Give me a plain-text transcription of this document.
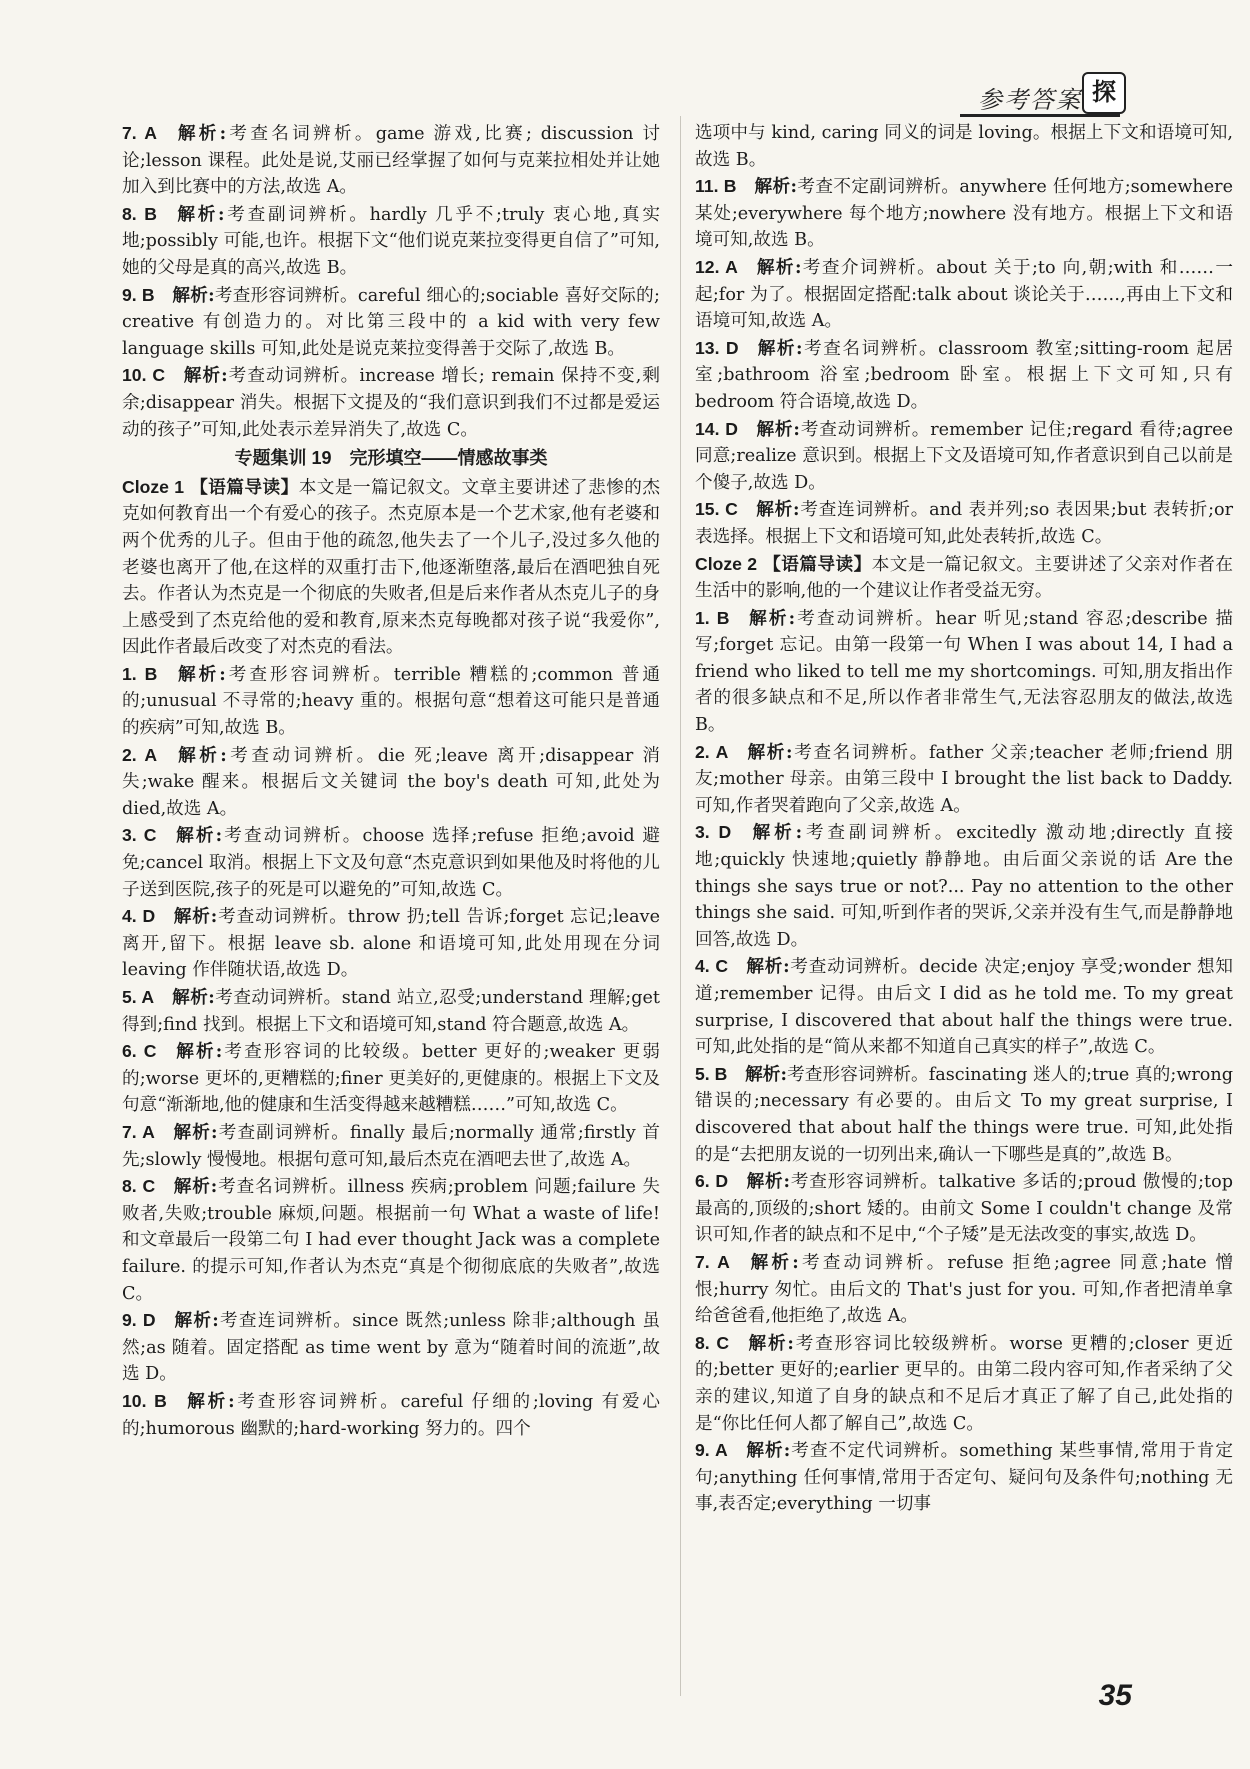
参考答案 探
7. A  解析:考查名词辨析。game 游戏,比赛; discussion 讨论;lesson 课程。此处是说,艾丽已经掌握了如何与克莱拉相处并让她加入到比赛中的方法,故选 A。
8. B  解析:考查副词辨析。hardly 几乎不;truly 衷心地,真实地;possibly 可能,也许。根据下文“他们说克莱拉变得更自信了”可知,她的父母是真的高兴,故选 B。
9. B  解析:考查形容词辨析。careful 细心的;sociable 喜好交际的; creative 有创造力的。对比第三段中的 a kid with very few language skills 可知,此处是说克莱拉变得善于交际了,故选 B。
10. C  解析:考查动词辨析。increase 增长; remain 保持不变,剩余;disappear 消失。根据下文提及的“我们意识到我们不过都是爱运动的孩子”可知,此处表示差异消失了,故选 C。
专题集训 19　完形填空——情感故事类
Cloze 1 【语篇导读】本文是一篇记叙文。文章主要讲述了悲惨的杰克如何教育出一个有爱心的孩子。杰克原本是一个艺术家,他有老婆和两个优秀的儿子。但由于他的疏忽,他失去了一个儿子,没过多久他的老婆也离开了他,在这样的双重打击下,他逐渐堕落,最后在酒吧独自死去。作者认为杰克是一个彻底的失败者,但是后来作者从杰克儿子的身上感受到了杰克给他的爱和教育,原来杰克每晚都对孩子说“我爱你”,因此作者最后改变了对杰克的看法。
1. B  解析:考查形容词辨析。terrible 糟糕的;common 普通的;unusual 不寻常的;heavy 重的。根据句意“想着这可能只是普通的疾病”可知,故选 B。
2. A  解析:考查动词辨析。die 死;leave 离开;disappear 消失;wake 醒来。根据后文关键词 the boy's death 可知,此处为 died,故选 A。
3. C  解析:考查动词辨析。choose 选择;refuse 拒绝;avoid 避免;cancel 取消。根据上下文及句意“杰克意识到如果他及时将他的儿子送到医院,孩子的死是可以避免的”可知,故选 C。
4. D  解析:考查动词辨析。throw 扔;tell 告诉;forget 忘记;leave 离开,留下。根据 leave sb. alone 和语境可知,此处用现在分词 leaving 作伴随状语,故选 D。
5. A  解析:考查动词辨析。stand 站立,忍受;understand 理解;get 得到;find 找到。根据上下文和语境可知,stand 符合题意,故选 A。
6. C  解析:考查形容词的比较级。better 更好的;weaker 更弱的;worse 更坏的,更糟糕的;finer 更美好的,更健康的。根据上下文及句意“渐渐地,他的健康和生活变得越来越糟糕……”可知,故选 C。
7. A  解析:考查副词辨析。finally 最后;normally 通常;firstly 首先;slowly 慢慢地。根据句意可知,最后杰克在酒吧去世了,故选 A。
8. C  解析:考查名词辨析。illness 疾病;problem 问题;failure 失败者,失败;trouble 麻烦,问题。根据前一句 What a waste of life! 和文章最后一段第二句 I had ever thought Jack was a complete failure. 的提示可知,作者认为杰克“真是个彻彻底底的失败者”,故选 C。
9. D  解析:考查连词辨析。since 既然;unless 除非;although 虽然;as 随着。固定搭配 as time went by 意为“随着时间的流逝”,故选 D。
10. B  解析:考查形容词辨析。careful 仔细的;loving 有爱心的;humorous 幽默的;hard-working 努力的。四个
选项中与 kind, caring 同义的词是 loving。根据上下文和语境可知,故选 B。
11. B  解析:考查不定副词辨析。anywhere 任何地方;somewhere 某处;everywhere 每个地方;nowhere 没有地方。根据上下文和语境可知,故选 B。
12. A  解析:考查介词辨析。about 关于;to 向,朝;with 和……一起;for 为了。根据固定搭配:talk about 谈论关于……,再由上下文和语境可知,故选 A。
13. D  解析:考查名词辨析。classroom 教室;sitting-room 起居室;bathroom 浴室;bedroom 卧室。根据上下文可知,只有 bedroom 符合语境,故选 D。
14. D  解析:考查动词辨析。remember 记住;regard 看待;agree 同意;realize 意识到。根据上下文及语境可知,作者意识到自己以前是个傻子,故选 D。
15. C  解析:考查连词辨析。and 表并列;so 表因果;but 表转折;or 表选择。根据上下文和语境可知,此处表转折,故选 C。
Cloze 2 【语篇导读】本文是一篇记叙文。主要讲述了父亲对作者在生活中的影响,他的一个建议让作者受益无穷。
1. B  解析:考查动词辨析。hear 听见;stand 容忍;describe 描写;forget 忘记。由第一段第一句 When I was about 14, I had a friend who liked to tell me my shortcomings. 可知,朋友指出作者的很多缺点和不足,所以作者非常生气,无法容忍朋友的做法,故选 B。
2. A  解析:考查名词辨析。father 父亲;teacher 老师;friend 朋友;mother 母亲。由第三段中 I brought the list back to Daddy. 可知,作者哭着跑向了父亲,故选 A。
3. D  解析:考查副词辨析。excitedly 激动地;directly 直接地;quickly 快速地;quietly 静静地。由后面父亲说的话 Are the things she says true or not?... Pay no attention to the other things she said. 可知,听到作者的哭诉,父亲并没有生气,而是静静地回答,故选 D。
4. C  解析:考查动词辨析。decide 决定;enjoy 享受;wonder 想知道;remember 记得。由后文 I did as he told me. To my great surprise, I discovered that about half the things were true. 可知,此处指的是“简从来都不知道自己真实的样子”,故选 C。
5. B  解析:考查形容词辨析。fascinating 迷人的;true 真的;wrong 错误的;necessary 有必要的。由后文 To my great surprise, I discovered that about half the things were true. 可知,此处指的是“去把朋友说的一切列出来,确认一下哪些是真的”,故选 B。
6. D  解析:考查形容词辨析。talkative 多话的;proud 傲慢的;top 最高的,顶级的;short 矮的。由前文 Some I couldn't change 及常识可知,作者的缺点和不足中,“个子矮”是无法改变的事实,故选 D。
7. A  解析:考查动词辨析。refuse 拒绝;agree 同意;hate 憎恨;hurry 匆忙。由后文的 That's just for you. 可知,作者把清单拿给爸爸看,他拒绝了,故选 A。
8. C  解析:考查形容词比较级辨析。worse 更糟的;closer 更近的;better 更好的;earlier 更早的。由第二段内容可知,作者采纳了父亲的建议,知道了自身的缺点和不足后才真正了解了自己,此处指的是“你比任何人都了解自己”,故选 C。
9. A  解析:考查不定代词辨析。something 某些事情,常用于肯定句;anything 任何事情,常用于否定句、疑问句及条件句;nothing 无事,表否定;everything 一切事
35
